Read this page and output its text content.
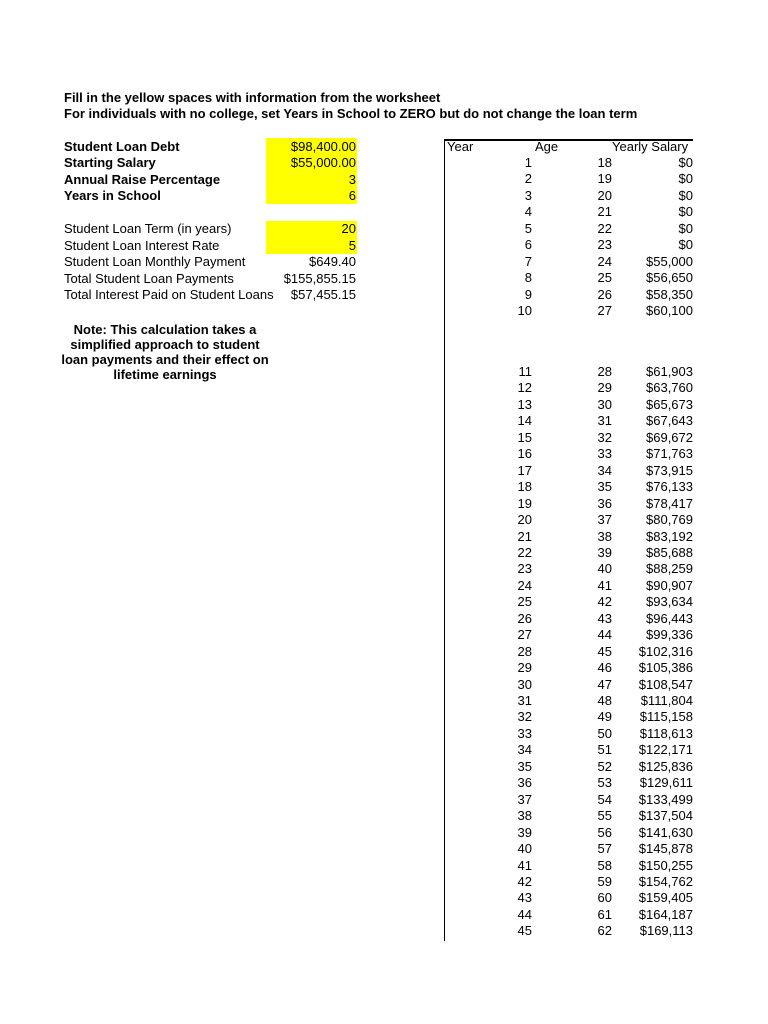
Fill in the yellow spaces with information from the worksheet
For individuals with no college, set Years in School to ZERO but do not change the loan term
Student Loan Debt	$98,400.00
Starting Salary	$55,000.00
Annual Raise Percentage	3
Years in School	6
Student Loan Term (in years)	20
Student Loan Interest Rate	5
Student Loan Monthly Payment	$649.40
Total Student Loan Payments	$155,855.15
Total Interest Paid on Student Loans	$57,455.15
Note: This calculation takes a simplified approach to student loan payments and their effect on lifetime earnings
Year	Age	Yearly Salary
1	18	$0
2	19	$0
3	20	$0
4	21	$0
5	22	$0
6	23	$0
7	24	$55,000
8	25	$56,650
9	26	$58,350
10	27	$60,100
11	28	$61,903
12	29	$63,760
13	30	$65,673
14	31	$67,643
15	32	$69,672
16	33	$71,763
17	34	$73,915
18	35	$76,133
19	36	$78,417
20	37	$80,769
21	38	$83,192
22	39	$85,688
23	40	$88,259
24	41	$90,907
25	42	$93,634
26	43	$96,443
27	44	$99,336
28	45	$102,316
29	46	$105,386
30	47	$108,547
31	48	$111,804
32	49	$115,158
33	50	$118,613
34	51	$122,171
35	52	$125,836
36	53	$129,611
37	54	$133,499
38	55	$137,504
39	56	$141,630
40	57	$145,878
41	58	$150,255
42	59	$154,762
43	60	$159,405
44	61	$164,187
45	62	$169,113
